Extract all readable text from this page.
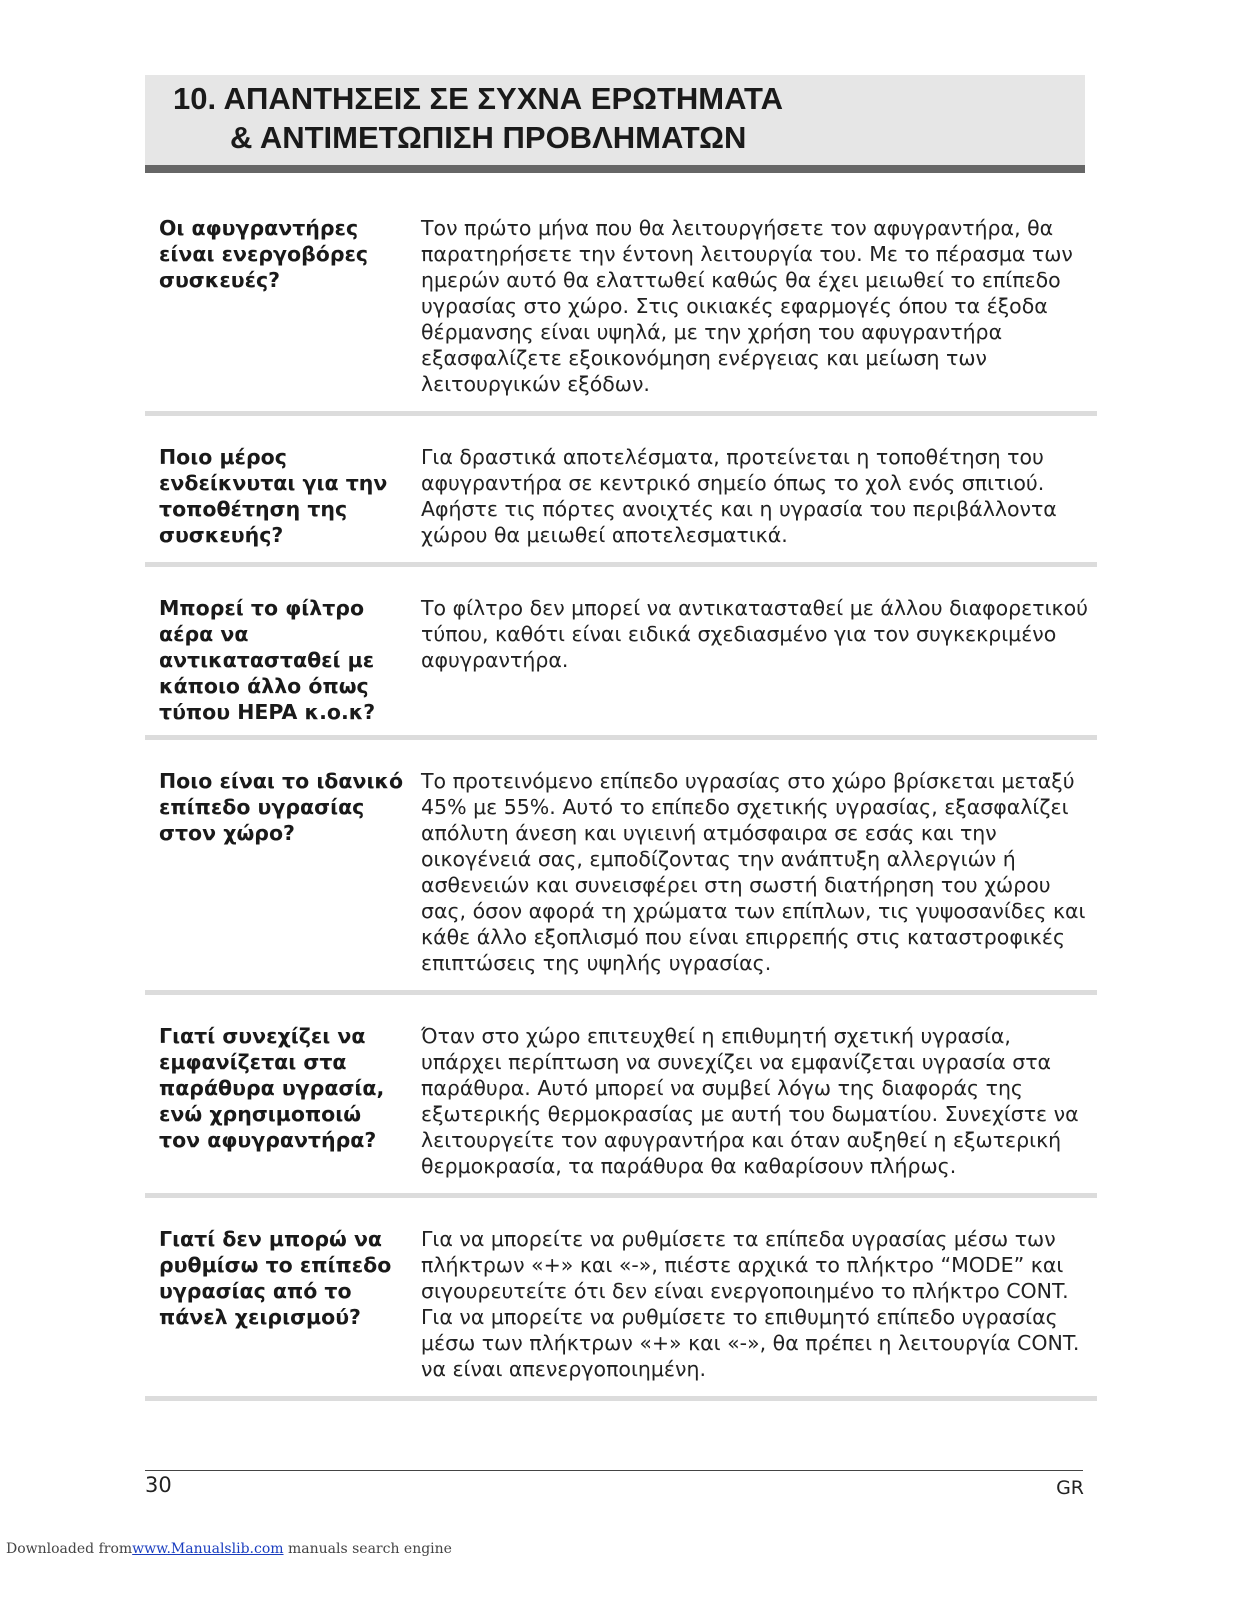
10. ΑΠΑΝΤΗΣΕΙΣ ΣΕ ΣΥΧΝΑ ΕΡΩΤΗΜΑΤΑ
& ΑΝΤΙΜΕΤΩΠΙΣΗ ΠΡΟΒΛΗΜΑΤΩΝ
Οι αφυγραντήρες είναι ενεργοβόρες συσκευές?
Τον πρώτο μήνα που θα λειτουργήσετε τον αφυγραντήρα, θα παρατηρήσετε την έντονη λειτουργία του. Με το πέρασμα των ημερών αυτό θα ελαττωθεί καθώς θα έχει μειωθεί το επίπεδο υγρασίας στο χώρο. Στις οικιακές εφαρμογές όπου τα έξοδα θέρμανσης είναι υψηλά, με την χρήση του αφυγραντήρα εξασφαλίζετε εξοικονόμηση ενέργειας και μείωση των λειτουργικών εξόδων.
Ποιο μέρος ενδείκνυται για την τοποθέτηση της συσκευής?
Για δραστικά αποτελέσματα, προτείνεται η τοποθέτηση του αφυγραντήρα σε κεντρικό σημείο όπως το χολ ενός σπιτιού. Αφήστε τις πόρτες ανοιχτές και η υγρασία του περιβάλλοντα χώρου θα μειωθεί αποτελεσματικά.
Μπορεί το φίλτρο αέρα να αντικατασταθεί με κάποιο άλλο όπως τύπου HEPA κ.ο.κ?
Το φίλτρο δεν μπορεί να αντικατασταθεί με άλλου διαφορετικού τύπου, καθότι είναι ειδικά σχεδιασμένο για τον συγκεκριμένο αφυγραντήρα.
Ποιο είναι το ιδανικό επίπεδο υγρασίας στον χώρο?
Το προτεινόμενο επίπεδο υγρασίας στο χώρο βρίσκεται μεταξύ 45% με 55%. Αυτό το επίπεδο σχετικής υγρασίας, εξασφαλίζει απόλυτη άνεση και υγιεινή ατμόσφαιρα σε εσάς και την οικογένειά σας, εμποδίζοντας την ανάπτυξη αλλεργιών ή ασθενειών και συνεισφέρει στη σωστή διατήρηση του χώρου σας, όσον αφορά τη χρώματα των επίπλων, τις γυψοσανίδες και κάθε άλλο εξοπλισμό που είναι επιρρεπής στις καταστροφικές επιπτώσεις της υψηλής υγρασίας.
Γιατί συνεχίζει να εμφανίζεται στα παράθυρα υγρασία, ενώ χρησιμοποιώ τον αφυγραντήρα?
Όταν στο χώρο επιτευχθεί η επιθυμητή σχετική υγρασία, υπάρχει περίπτωση να συνεχίζει να εμφανίζεται υγρασία στα παράθυρα. Αυτό μπορεί να συμβεί λόγω της διαφοράς της εξωτερικής θερμοκρασίας με αυτή του δωματίου. Συνεχίστε να λειτουργείτε τον αφυγραντήρα και όταν αυξηθεί η εξωτερική θερμοκρασία, τα παράθυρα θα καθαρίσουν πλήρως.
Γιατί δεν μπορώ να ρυθμίσω το επίπεδο υγρασίας από το πάνελ χειρισμού?
Για να μπορείτε να ρυθμίσετε τα επίπεδα υγρασίας μέσω των πλήκτρων «+» και «-», πιέστε αρχικά το πλήκτρο “MODE” και σιγουρευτείτε ότι δεν είναι ενεργοποιημένο το πλήκτρο CONT. Για να μπορείτε να ρυθμίσετε το επιθυμητό επίπεδο υγρασίας μέσω των πλήκτρων «+» και «-», θα πρέπει η λειτουργία CONT. να είναι απενεργοποιημένη.
30	GR
Downloaded fromwww.Manualslib.com manuals search engine
